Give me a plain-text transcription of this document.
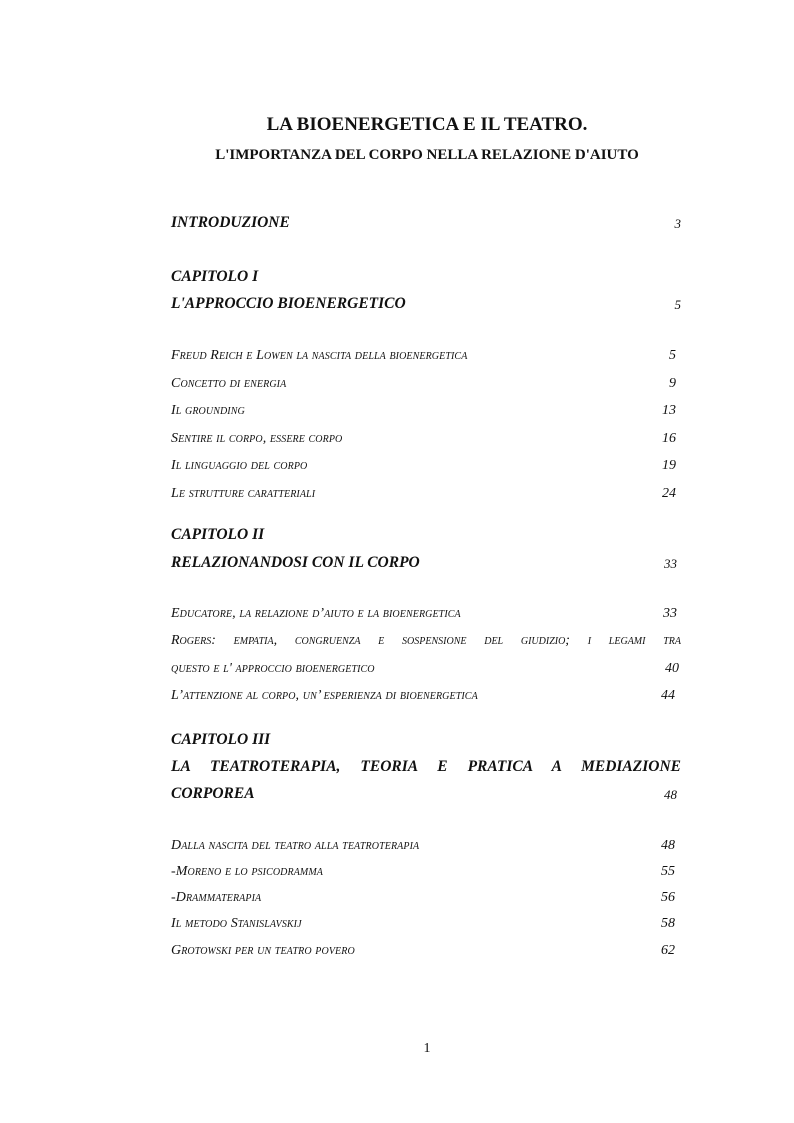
LA BIOENERGETICA E IL TEATRO.
L'IMPORTANZA DEL CORPO NELLA RELAZIONE D'AIUTO
INTRODUZIONE	3
CAPITOLO I
L'APPROCCIO BIOENERGETICO	5
Freud Reich e Lowen la nascita della bioenergetica	5
Concetto di energia	9
Il grounding	13
Sentire il corpo, essere corpo	16
Il linguaggio del corpo	19
Le strutture caratteriali	24
CAPITOLO II
RELAZIONANDOSI CON IL CORPO	33
Educatore, la relazione d’aiuto e la bioenergetica	33
Rogers: empatia, congruenza e sospensione del giudizio; i legami tra
questo e l' approccio bioenergetico	40
L’attenzione al corpo, un’ esperienza di bioenergetica	44
CAPITOLO III
LA TEATROTERAPIA, TEORIA E PRATICA A MEDIAZIONE
CORPOREA	48
Dalla nascita del teatro alla teatroterapia	48
-Moreno e lo psicodramma	55
-Drammaterapia	56
Il metodo Stanislavskij	58
Grotowski per un teatro povero	62
1
